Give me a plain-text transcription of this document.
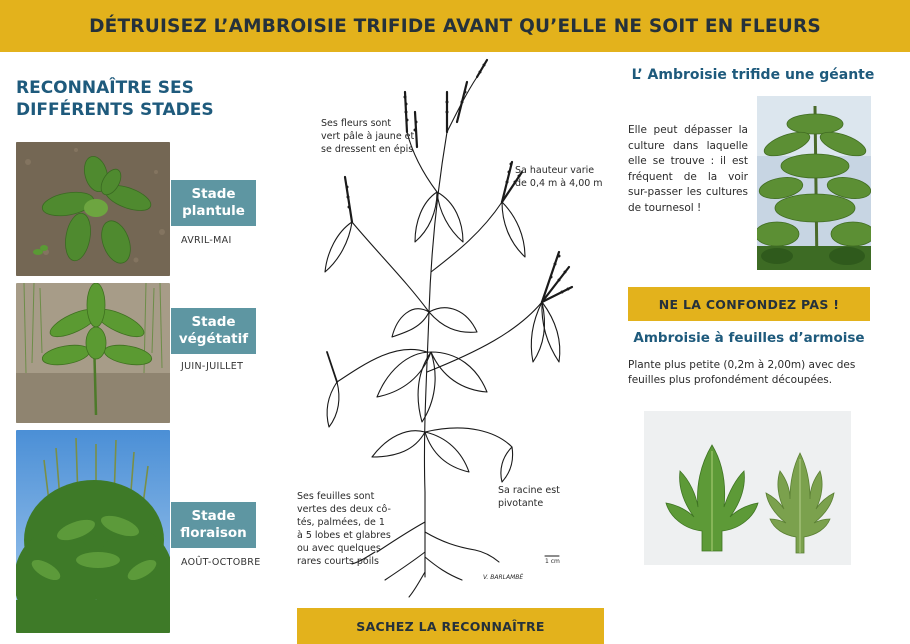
DÉTRUISEZ L’AMBROISIE TRIFIDE AVANT QU’ELLE NE SOIT EN FLEURS
RECONNAÎTRE SES
DIFFÉRENTS STADES
Stade
plantule
AVRIL-MAI
Stade
végétatif
JUIN-JUILLET
Stade
floraison
AOÛT-OCTOBRE
Ses fleurs sont
vert pâle à jaune et
se dressent en épis
Sa hauteur varie
de 0,4 m à 4,00 m
Ses feuilles sont
vertes des deux cô-
tés, palmées, de 1
à 5 lobes et glabres
ou avec quelques
rares courts poils
Sa racine est
pivotante
1 cm
V. BARLAMBÉ
SACHEZ LA RECONNAÎTRE
L’ Ambroisie trifide une géante
Elle peut dépasser la culture dans laquelle elle se trouve : il est fréquent de la voir sur-passer les cultures de tournesol !
NE LA CONFONDEZ PAS !
Ambroisie à feuilles d’armoise
Plante plus petite (0,2m à 2,00m) avec des feuilles plus profondément découpées.
